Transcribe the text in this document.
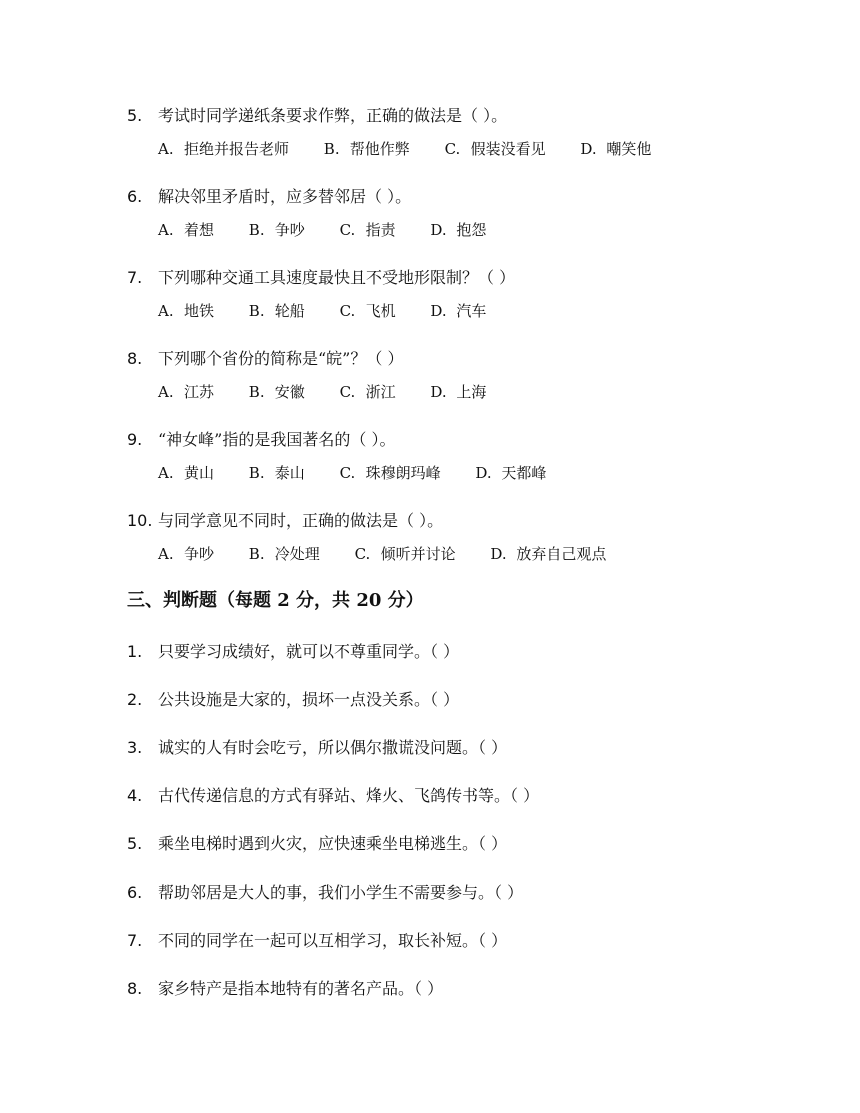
5. 考试时同学递纸条要求作弊，正确的做法是（ ）。
A. 拒绝并报告老师 B. 帮他作弊 C. 假装没看见 D. 嘲笑他
6. 解决邻里矛盾时，应多替邻居（ ）。
A. 着想 B. 争吵 C. 指责 D. 抱怨
7. 下列哪种交通工具速度最快且不受地形限制？（ ）
A. 地铁 B. 轮船 C. 飞机 D. 汽车
8. 下列哪个省份的简称是“皖”？（ ）
A. 江苏 B. 安徽 C. 浙江 D. 上海
9. “神女峰”指的是我国著名的（ ）。
A. 黄山 B. 泰山 C. 珠穆朗玛峰 D. 天都峰
10. 与同学意见不同时，正确的做法是（ ）。
A. 争吵 B. 冷处理 C. 倾听并讨论 D. 放弃自己观点
三、判断题（每题 2 分，共 20 分）
1. 只要学习成绩好，就可以不尊重同学。（ ）
2. 公共设施是大家的，损坏一点没关系。（ ）
3. 诚实的人有时会吃亏，所以偶尔撒谎没问题。（ ）
4. 古代传递信息的方式有驿站、烽火、飞鸽传书等。（ ）
5. 乘坐电梯时遇到火灾，应快速乘坐电梯逃生。（ ）
6. 帮助邻居是大人的事，我们小学生不需要参与。（ ）
7. 不同的同学在一起可以互相学习，取长补短。（ ）
8. 家乡特产是指本地特有的著名产品。（ ）
